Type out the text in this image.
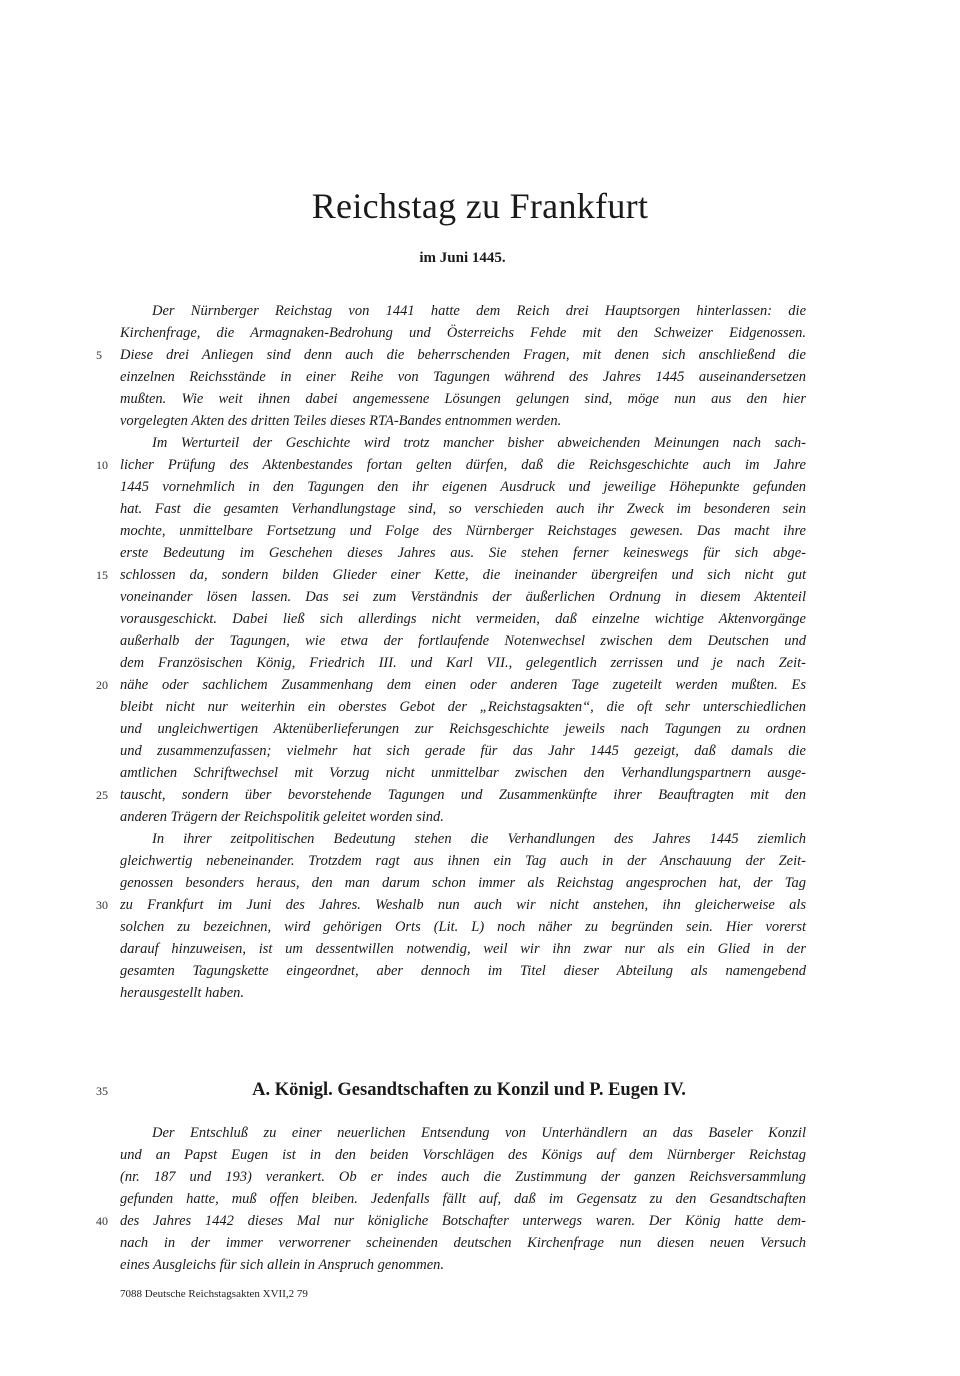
Reichstag zu Frankfurt
im Juni 1445.
Der Nürnberger Reichstag von 1441 hatte dem Reich drei Hauptsorgen hinterlassen: die
Kirchenfrage, die Armagnaken-Bedrohung und Österreichs Fehde mit den Schweizer Eidgenossen.
Diese drei Anliegen sind denn auch die beherrschenden Fragen, mit denen sich anschließend die
einzelnen Reichsstände in einer Reihe von Tagungen während des Jahres 1445 auseinandersetzen
mußten. Wie weit ihnen dabei angemessene Lösungen gelungen sind, möge nun aus den hier
vorgelegten Akten des dritten Teiles dieses RTA-Bandes entnommen werden.
Im Werturteil der Geschichte wird trotz mancher bisher abweichenden Meinungen nach sach-
licher Prüfung des Aktenbestandes fortan gelten dürfen, daß die Reichsgeschichte auch im Jahre
1445 vornehmlich in den Tagungen den ihr eigenen Ausdruck und jeweilige Höhepunkte gefunden
hat. Fast die gesamten Verhandlungstage sind, so verschieden auch ihr Zweck im besonderen sein
mochte, unmittelbare Fortsetzung und Folge des Nürnberger Reichstages gewesen. Das macht ihre
erste Bedeutung im Geschehen dieses Jahres aus. Sie stehen ferner keineswegs für sich abge-
schlossen da, sondern bilden Glieder einer Kette, die ineinander übergreifen und sich nicht gut
voneinander lösen lassen. Das sei zum Verständnis der äußerlichen Ordnung in diesem Aktenteil
vorausgeschickt. Dabei ließ sich allerdings nicht vermeiden, daß einzelne wichtige Aktenvorgänge
außerhalb der Tagungen, wie etwa der fortlaufende Notenwechsel zwischen dem Deutschen und
dem Französischen König, Friedrich III. und Karl VII., gelegentlich zerrissen und je nach Zeit-
nähe oder sachlichem Zusammenhang dem einen oder anderen Tage zugeteilt werden mußten. Es
bleibt nicht nur weiterhin ein oberstes Gebot der „Reichstagsakten“, die oft sehr unterschiedlichen
und ungleichwertigen Aktenüberlieferungen zur Reichsgeschichte jeweils nach Tagungen zu ordnen
und zusammenzufassen; vielmehr hat sich gerade für das Jahr 1445 gezeigt, daß damals die
amtlichen Schriftwechsel mit Vorzug nicht unmittelbar zwischen den Verhandlungspartnern ausge-
tauscht, sondern über bevorstehende Tagungen und Zusammenkünfte ihrer Beauftragten mit den
anderen Trägern der Reichspolitik geleitet worden sind.
In ihrer zeitpolitischen Bedeutung stehen die Verhandlungen des Jahres 1445 ziemlich
gleichwertig nebeneinander. Trotzdem ragt aus ihnen ein Tag auch in der Anschauung der Zeit-
genossen besonders heraus, den man darum schon immer als Reichstag angesprochen hat, der Tag
zu Frankfurt im Juni des Jahres. Weshalb nun auch wir nicht anstehen, ihn gleicherweise als
solchen zu bezeichnen, wird gehörigen Orts (Lit. L) noch näher zu begründen sein. Hier vorerst
darauf hinzuweisen, ist um dessentwillen notwendig, weil wir ihn zwar nur als ein Glied in der
gesamten Tagungskette eingeordnet, aber dennoch im Titel dieser Abteilung als namengebend
herausgestellt haben.
A. Königl. Gesandtschaften zu Konzil und P. Eugen IV.
Der Entschluß zu einer neuerlichen Entsendung von Unterhändlern an das Baseler Konzil
und an Papst Eugen ist in den beiden Vorschlägen des Königs auf dem Nürnberger Reichstag
(nr. 187 und 193) verankert. Ob er indes auch die Zustimmung der ganzen Reichsversammlung
gefunden hatte, muß offen bleiben. Jedenfalls fällt auf, daß im Gegensatz zu den Gesandtschaften
des Jahres 1442 dieses Mal nur königliche Botschafter unterwegs waren. Der König hatte dem-
nach in der immer verworrener scheinenden deutschen Kirchenfrage nun diesen neuen Versuch
eines Ausgleichs für sich allein in Anspruch genommen.
5
10
15
20
25
30
35
40
7088 Deutsche Reichstagsakten XVII,2 79
